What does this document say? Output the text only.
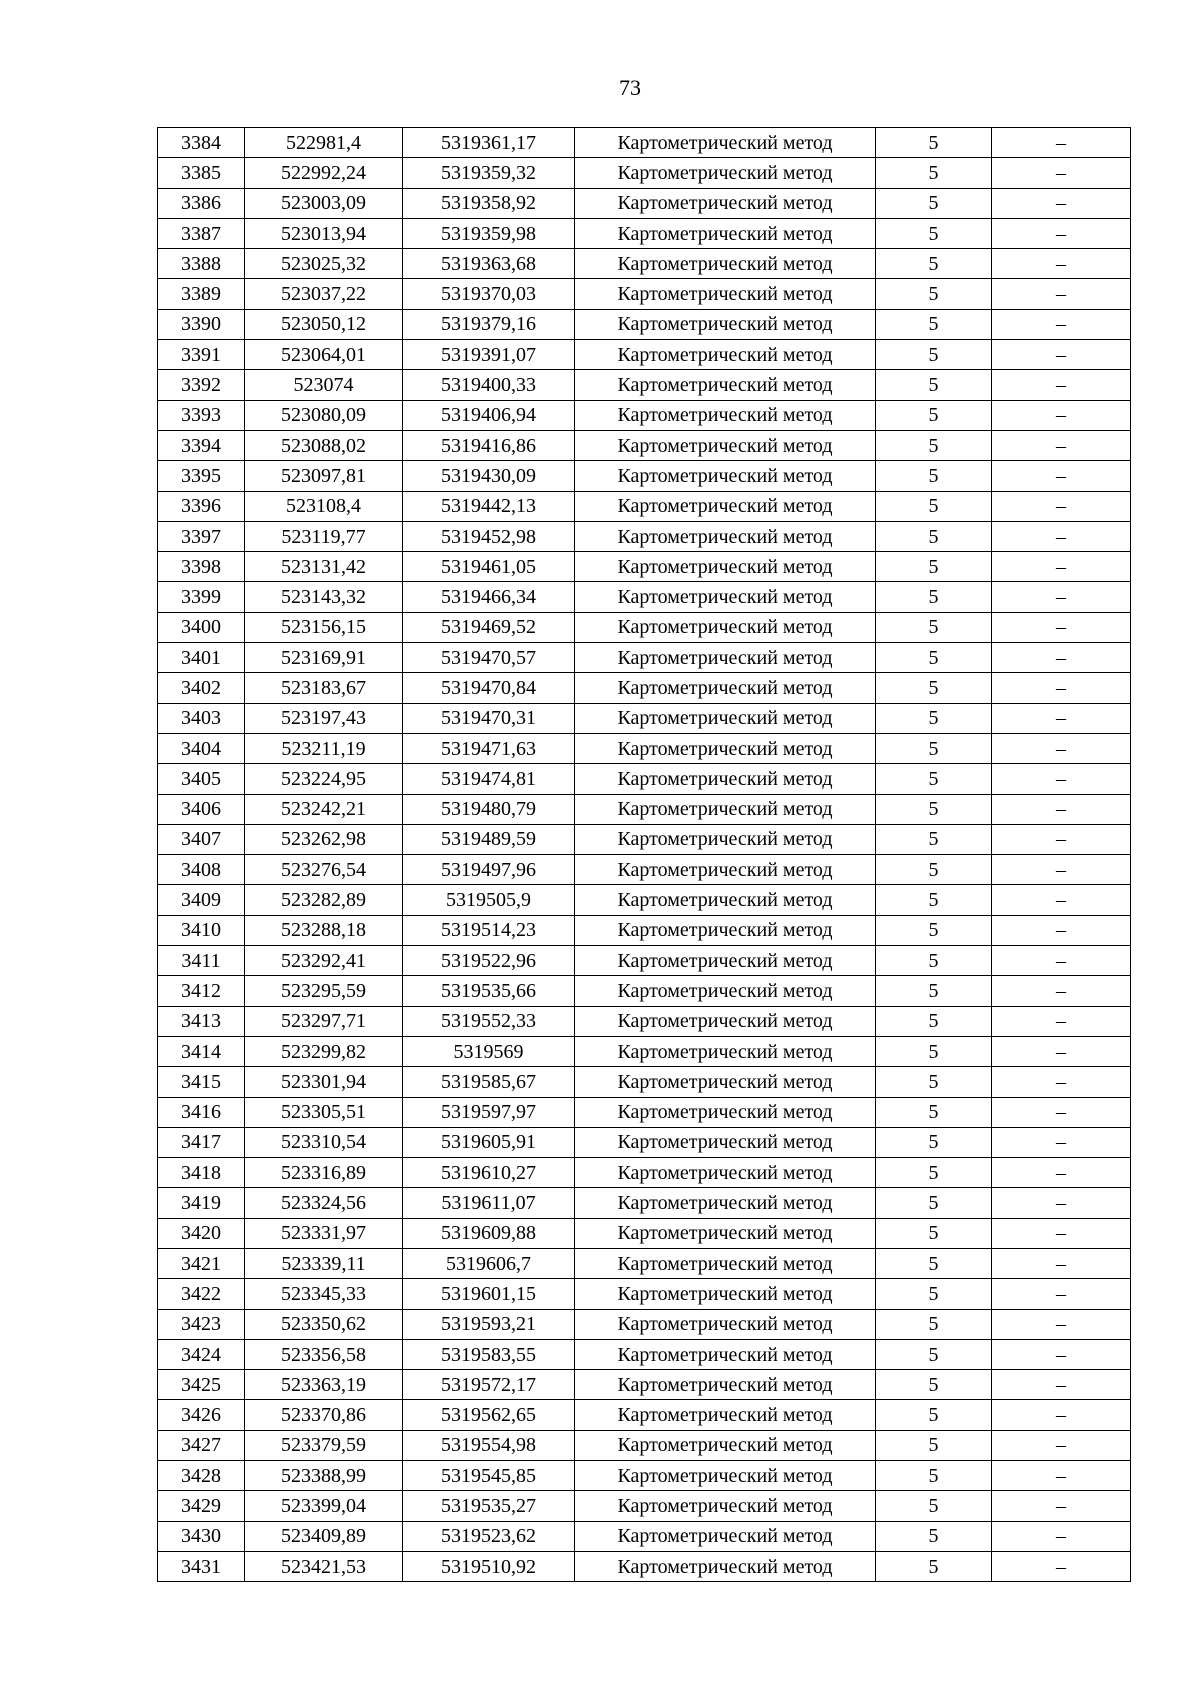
73
3384	522981,4	5319361,17	Картометрический метод	5	–
3385	522992,24	5319359,32	Картометрический метод	5	–
3386	523003,09	5319358,92	Картометрический метод	5	–
3387	523013,94	5319359,98	Картометрический метод	5	–
3388	523025,32	5319363,68	Картометрический метод	5	–
3389	523037,22	5319370,03	Картометрический метод	5	–
3390	523050,12	5319379,16	Картометрический метод	5	–
3391	523064,01	5319391,07	Картометрический метод	5	–
3392	523074	5319400,33	Картометрический метод	5	–
3393	523080,09	5319406,94	Картометрический метод	5	–
3394	523088,02	5319416,86	Картометрический метод	5	–
3395	523097,81	5319430,09	Картометрический метод	5	–
3396	523108,4	5319442,13	Картометрический метод	5	–
3397	523119,77	5319452,98	Картометрический метод	5	–
3398	523131,42	5319461,05	Картометрический метод	5	–
3399	523143,32	5319466,34	Картометрический метод	5	–
3400	523156,15	5319469,52	Картометрический метод	5	–
3401	523169,91	5319470,57	Картометрический метод	5	–
3402	523183,67	5319470,84	Картометрический метод	5	–
3403	523197,43	5319470,31	Картометрический метод	5	–
3404	523211,19	5319471,63	Картометрический метод	5	–
3405	523224,95	5319474,81	Картометрический метод	5	–
3406	523242,21	5319480,79	Картометрический метод	5	–
3407	523262,98	5319489,59	Картометрический метод	5	–
3408	523276,54	5319497,96	Картометрический метод	5	–
3409	523282,89	5319505,9	Картометрический метод	5	–
3410	523288,18	5319514,23	Картометрический метод	5	–
3411	523292,41	5319522,96	Картометрический метод	5	–
3412	523295,59	5319535,66	Картометрический метод	5	–
3413	523297,71	5319552,33	Картометрический метод	5	–
3414	523299,82	5319569	Картометрический метод	5	–
3415	523301,94	5319585,67	Картометрический метод	5	–
3416	523305,51	5319597,97	Картометрический метод	5	–
3417	523310,54	5319605,91	Картометрический метод	5	–
3418	523316,89	5319610,27	Картометрический метод	5	–
3419	523324,56	5319611,07	Картометрический метод	5	–
3420	523331,97	5319609,88	Картометрический метод	5	–
3421	523339,11	5319606,7	Картометрический метод	5	–
3422	523345,33	5319601,15	Картометрический метод	5	–
3423	523350,62	5319593,21	Картометрический метод	5	–
3424	523356,58	5319583,55	Картометрический метод	5	–
3425	523363,19	5319572,17	Картометрический метод	5	–
3426	523370,86	5319562,65	Картометрический метод	5	–
3427	523379,59	5319554,98	Картометрический метод	5	–
3428	523388,99	5319545,85	Картометрический метод	5	–
3429	523399,04	5319535,27	Картометрический метод	5	–
3430	523409,89	5319523,62	Картометрический метод	5	–
3431	523421,53	5319510,92	Картометрический метод	5	–
